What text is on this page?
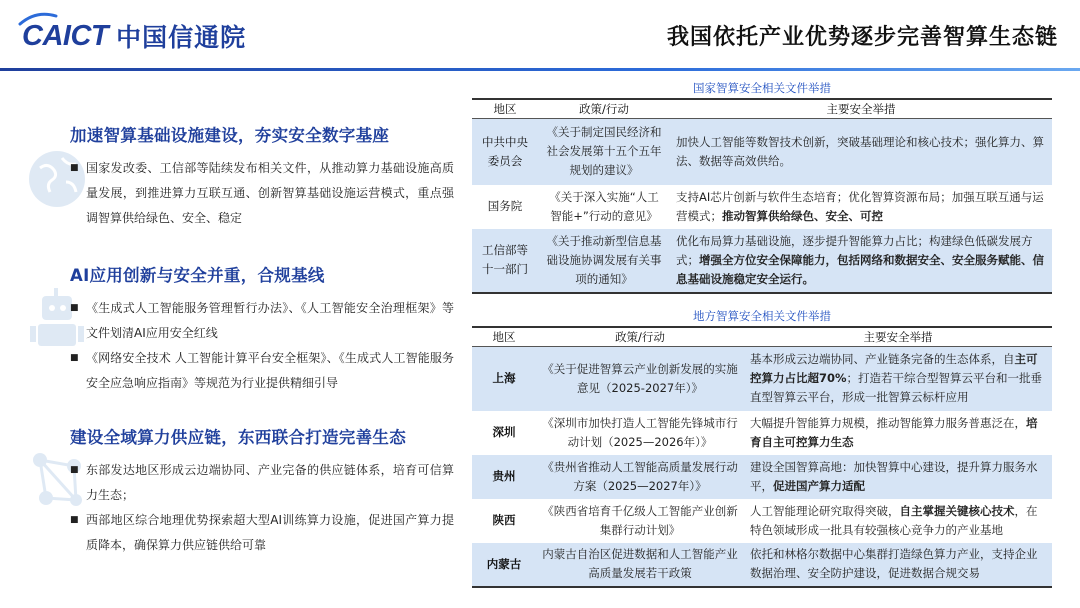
CAICT 中国信通院	我国依托产业优势逐步完善智算生态链
加速智算基础设施建设，夯实安全数字基座
■ 国家发改委、工信部等陆续发布相关文件，从推动算力基础设施高质量发展，到推进算力互联互通、创新智算基础设施运营模式，重点强调智算供给绿色、安全、稳定
AI应用创新与安全并重，合规基线
■ 《生成式人工智能服务管理暂行办法》、《人工智能安全治理框架》等文件划清AI应用安全红线
■ 《网络安全技术 人工智能计算平台安全框架》、《生成式人工智能服务安全应急响应指南》等规范为行业提供精细引导
建设全域算力供应链，东西联合打造完善生态
■ 东部发达地区形成云边端协同、产业完备的供应链体系，培育可信算力生态；
■ 西部地区综合地理优势探索超大型AI训练算力设施，促进国产算力提质降本，确保算力供应链供给可靠
国家智算安全相关文件举措
地区	政策/行动	主要安全举措
中共中央委员会	《关于制定国民经济和社会发展第十五个五年规划的建议》	加快人工智能等数智技术创新，突破基础理论和核心技术；强化算力、算法、数据等高效供给。
国务院	《关于深入实施“人工智能+”行动的意见》	支持AI芯片创新与软件生态培育；优化智算资源布局；加强互联互通与运营模式；推动智算供给绿色、安全、可控
工信部等十一部门	《关于推动新型信息基础设施协调发展有关事项的通知》	优化布局算力基础设施，逐步提升智能算力占比；构建绿色低碳发展方式；增强全方位安全保障能力，包括网络和数据安全、安全服务赋能、信息基础设施稳定安全运行。
地方智算安全相关文件举措
地区	政策/行动	主要安全举措
上海	《关于促进智算云产业创新发展的实施意见（2025-2027年）》	基本形成云边端协同、产业链条完备的生态体系，自主可控算力占比超70%；打造若干综合型智算云平台和一批垂直型智算云平台，形成一批智算云标杆应用
深圳	《深圳市加快打造人工智能先锋城市行动计划（2025—2026年）》	大幅提升智能算力规模，推动智能算力服务普惠泛在，培育自主可控算力生态
贵州	《贵州省推动人工智能高质量发展行动方案（2025—2027年）》	建设全国智算高地：加快智算中心建设，提升算力服务水平，促进国产算力适配
陕西	《陕西省培育千亿级人工智能产业创新集群行动计划》	人工智能理论研究取得突破，自主掌握关键核心技术，在特色领域形成一批具有较强核心竞争力的产业基地
内蒙古	内蒙古自治区促进数据和人工智能产业高质量发展若干政策	依托和林格尔数据中心集群打造绿色算力产业，支持企业数据治理、安全防护建设，促进数据合规交易
